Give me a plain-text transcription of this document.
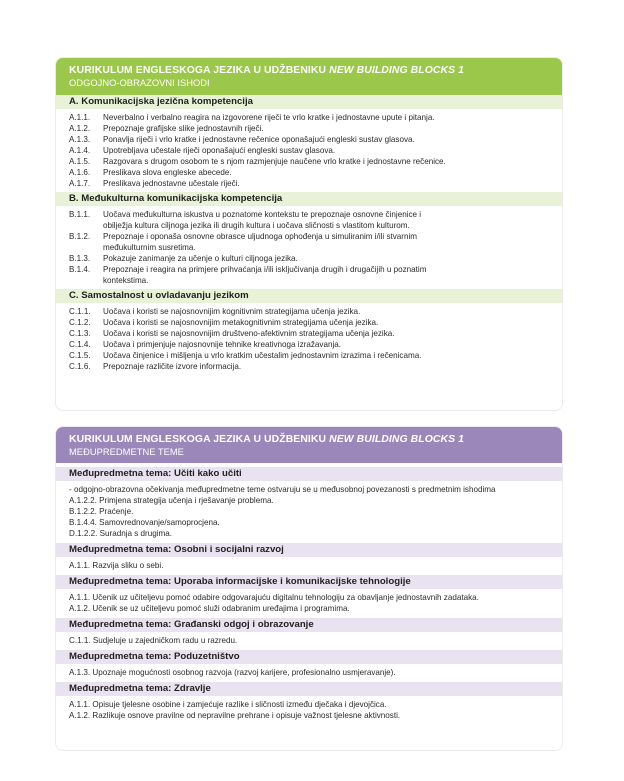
KURIKULUM ENGLESKOGA JEZIKA U UDŽBENIKU NEW BUILDING BLOCKS 1
ODGOJNO-OBRAZOVNI ISHODI
A. Komunikacijska jezična kompetencija
A.1.1.	Neverbalno i verbalno reagira na izgovorene riječi te vrlo kratke i jednostavne upute i pitanja.
A.1.2.	Prepoznaje grafijske slike jednostavnih riječi.
A.1.3.	Ponavlja riječi i vrlo kratke i jednostavne rečenice oponašajući engleski sustav glasova.
A.1.4.	Upotrebljava učestale riječi oponašajući engleski sustav glasova.
A.1.5.	Razgovara s drugom osobom te s njom razmjenjuje naučene vrlo kratke i jednostavne rečenice.
A.1.6.	Preslikava slova engleske abecede.
A.1.7.	Preslikava jednostavne učestale riječi.
B. Međukulturna komunikacijska kompetencija
B.1.1.	Uočava međukulturna iskustva u poznatome kontekstu te prepoznaje osnovne činjenice i
obilježja kultura ciljnoga jezika ili drugih kultura i uočava sličnosti s vlastitom kulturom.
B.1.2.	Prepoznaje i oponaša osnovne obrasce uljudnoga ophođenja u simuliranim i/ili stvarnim
međukulturnim susretima.
B.1.3.	Pokazuje zanimanje za učenje o kulturi ciljnoga jezika.
B.1.4.	Prepoznaje i reagira na primjere prihvaćanja i/ili isključivanja drugih i drugačijih u poznatim
kontekstima.
C. Samostalnost u ovladavanju jezikom
C.1.1.	Uočava i koristi se najosnovnijim kognitivnim strategijama učenja jezika.
C.1.2.	Uočava i koristi se najosnovnijim metakognitivnim strategijama učenja jezika.
C.1.3.	Uočava i koristi se najosnovnijim društveno-afektivnim strategijama učenja jezika.
C.1.4.	Uočava i primjenjuje najosnovnije tehnike kreativnoga izražavanja.
C.1.5.	Uočava činjenice i mišljenja u vrlo kratkim učestalim jednostavnim izrazima i rečenicama.
C.1.6.	Prepoznaje različite izvore informacija.
KURIKULUM ENGLESKOGA JEZIKA U UDŽBENIKU NEW BUILDING BLOCKS 1
MEĐUPREDMETNE TEME
Međupredmetna tema: Učiti kako učiti
- odgojno-obrazovna očekivanja međupredmetne teme ostvaruju se u međusobnoj povezanosti s predmetnim ishodima
A.1.2.2. Primjena strategija učenja i rješavanje problema.
B.1.2.2. Praćenje.
B.1.4.4. Samovrednovanje/samoprocjena.
D.1.2.2. Suradnja s drugima.
Međupredmetna tema: Osobni i socijalni razvoj
A.1.1. Razvija sliku o sebi.
Međupredmetna tema: Uporaba informacijske i komunikacijske tehnologije
A.1.1. Učenik uz učiteljevu pomoć odabire odgovarajuću digitalnu tehnologiju za obavljanje jednostavnih zadataka.
A.1.2. Učenik se uz učiteljevu pomoć služi odabranim uređajima i programima.
Međupredmetna tema: Građanski odgoj i obrazovanje
C.1.1. Sudjeluje u zajedničkom radu u razredu.
Međupredmetna tema: Poduzetništvo
A.1.3. Upoznaje mogućnosti osobnog razvoja (razvoj karijere, profesionalno usmjeravanje).
Međupredmetna tema: Zdravlje
A.1.1. Opisuje tjelesne osobine i zamjećuje razlike i sličnosti između dječaka i djevojčica.
A.1.2. Razlikuje osnove pravilne od nepravilne prehrane i opisuje važnost tjelesne aktivnosti.
